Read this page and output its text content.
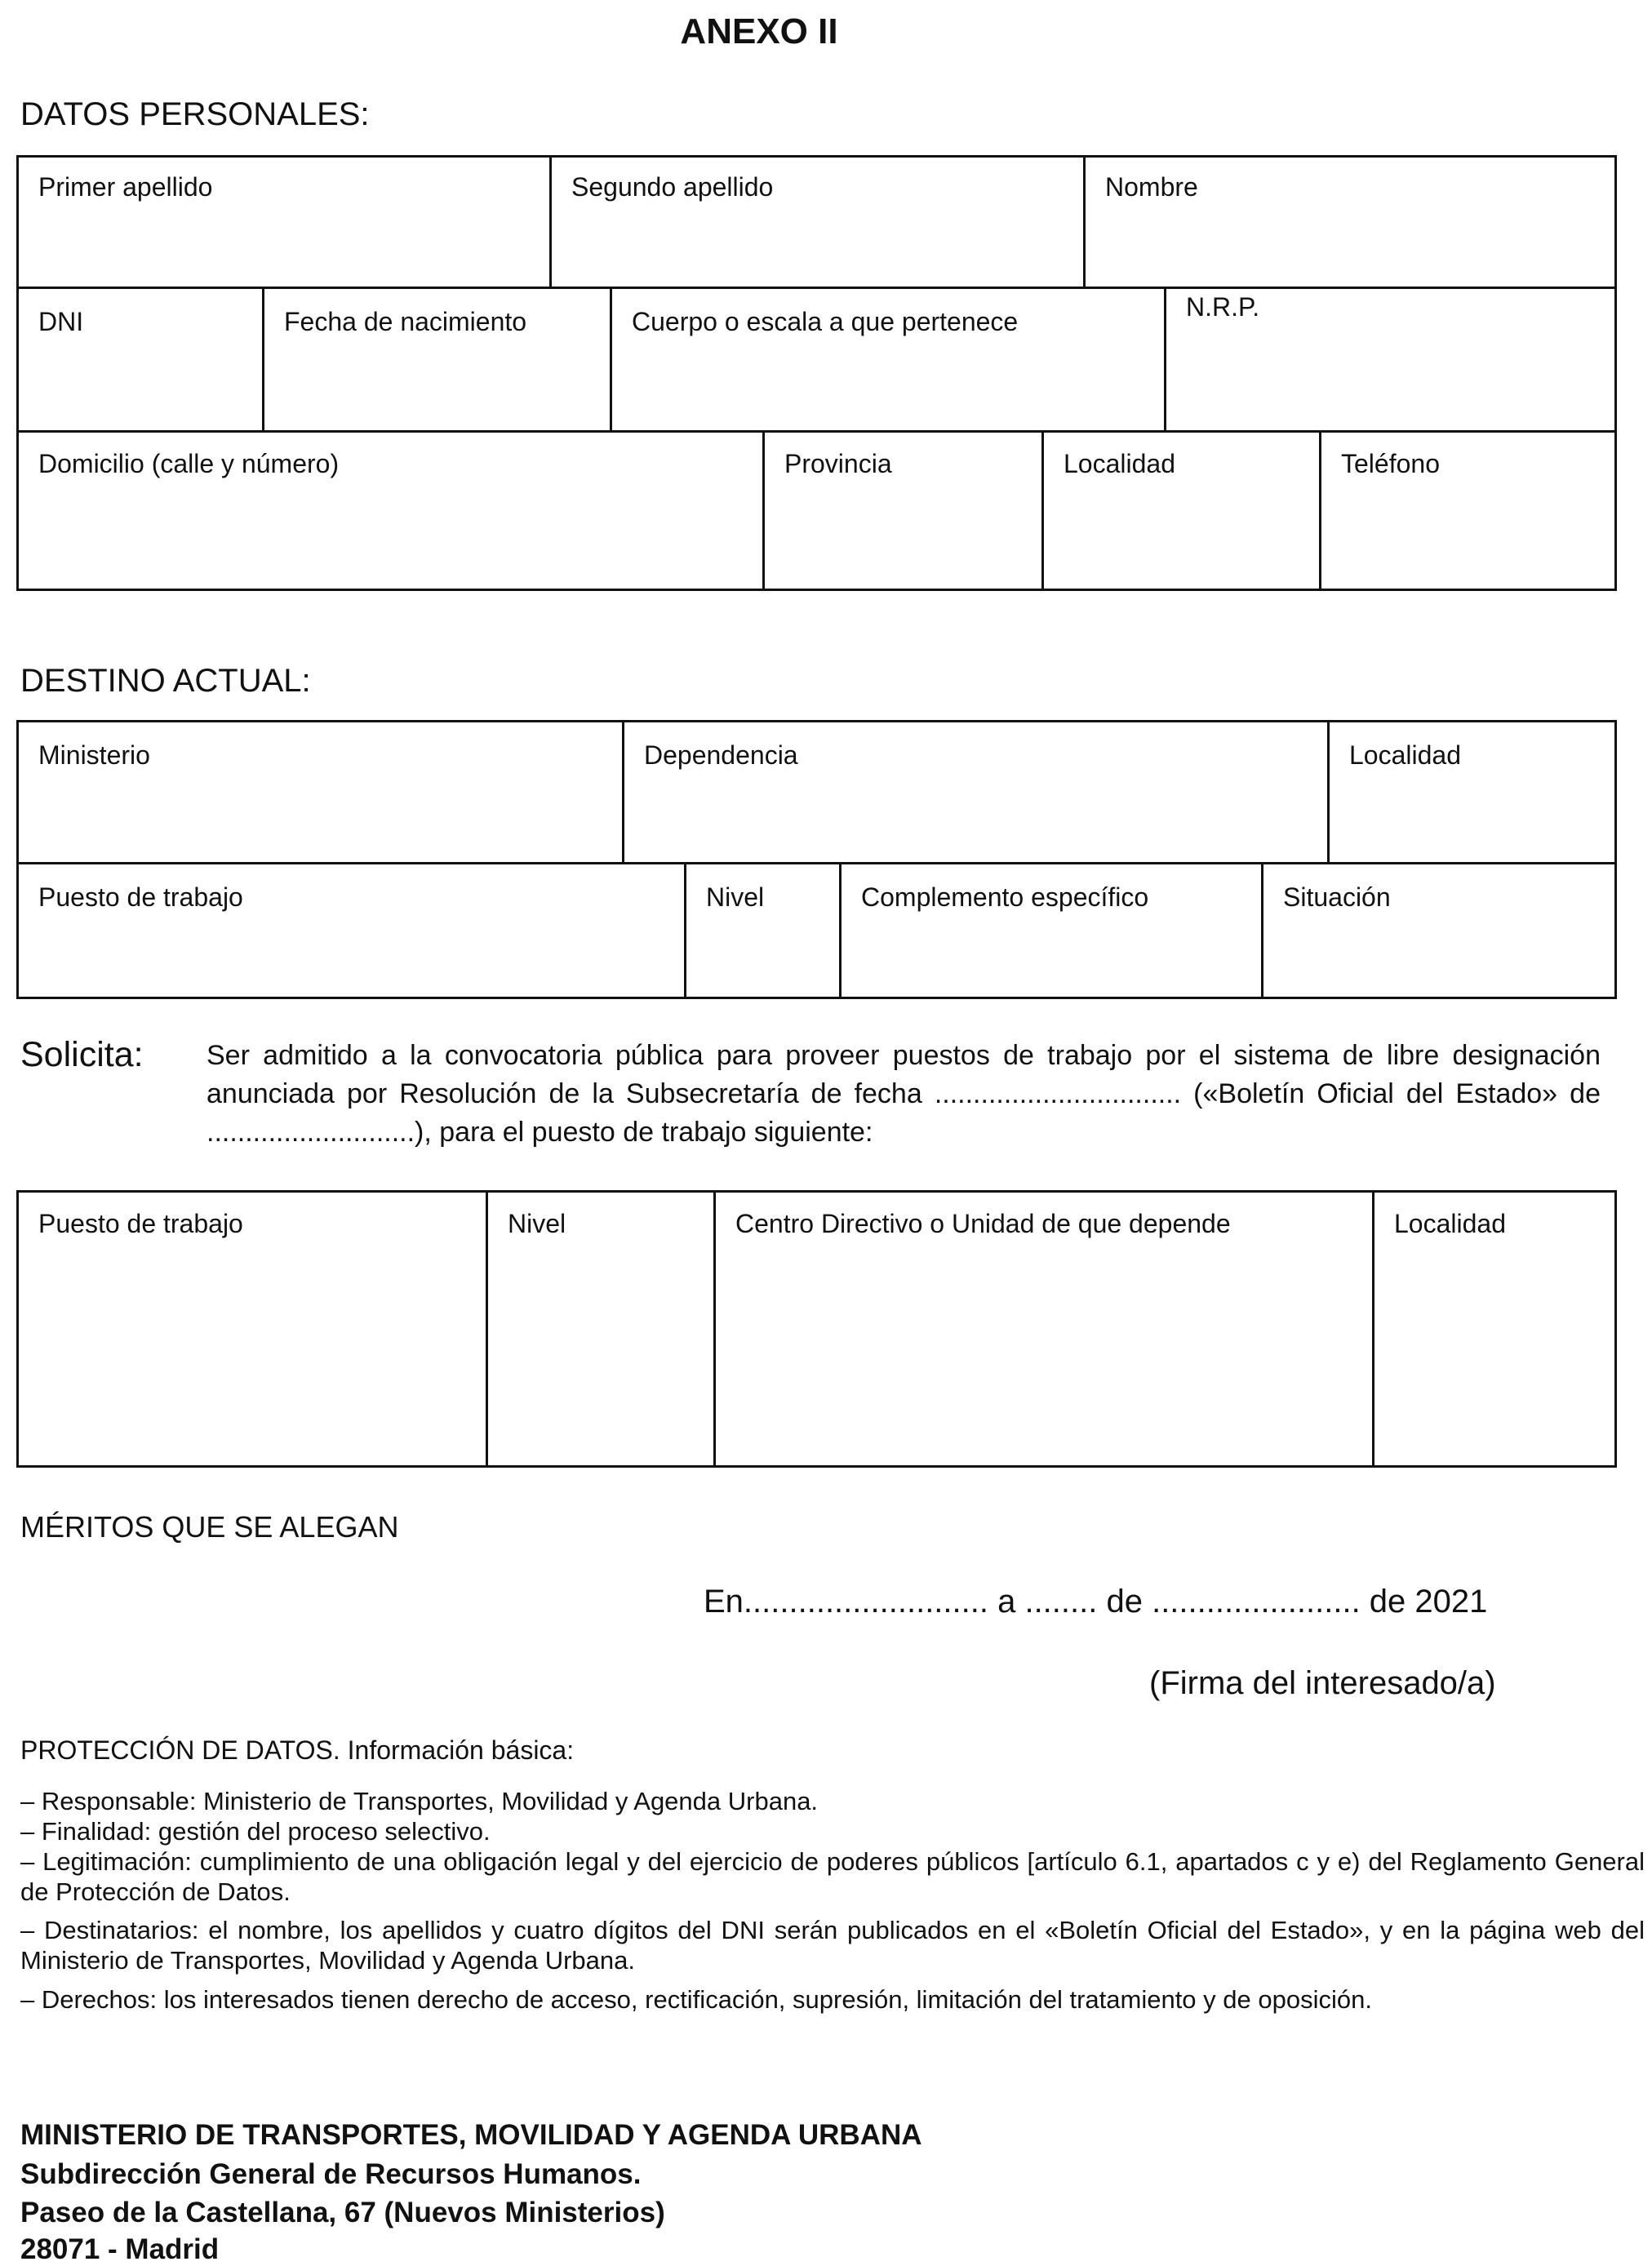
ANEXO II
DATOS PERSONALES:
Primer apellido	Segundo apellido	Nombre
DNI	Fecha de nacimiento	Cuerpo o escala a que pertenece	N.R.P.
Domicilio (calle y número)	Provincia	Localidad	Teléfono
DESTINO ACTUAL:
Ministerio	Dependencia	Localidad
Puesto de trabajo	Nivel	Complemento específico	Situación
Solicita: Ser admitido a la convocatoria pública para proveer puestos de trabajo por el sistema de libre designación anunciada por Resolución de la Subsecretaría de fecha ................................ («Boletín Oficial del Estado» de ...........................), para el puesto de trabajo siguiente:
Puesto de trabajo	Nivel	Centro Directivo o Unidad de que depende	Localidad
MÉRITOS QUE SE ALEGAN
En........................... a ........ de ....................... de 2021
(Firma del interesado/a)
PROTECCIÓN DE DATOS. Información básica:
– Responsable: Ministerio de Transportes, Movilidad y Agenda Urbana.
– Finalidad: gestión del proceso selectivo.
– Legitimación: cumplimiento de una obligación legal y del ejercicio de poderes públicos [artículo 6.1, apartados c y e) del Reglamento General de Protección de Datos.
– Destinatarios: el nombre, los apellidos y cuatro dígitos del DNI serán publicados en el «Boletín Oficial del Estado», y en la página web del Ministerio de Transportes, Movilidad y Agenda Urbana.
– Derechos: los interesados tienen derecho de acceso, rectificación, supresión, limitación del tratamiento y de oposición.
MINISTERIO DE TRANSPORTES, MOVILIDAD Y AGENDA URBANA
Subdirección General de Recursos Humanos.
Paseo de la Castellana, 67 (Nuevos Ministerios)
28071 - Madrid
